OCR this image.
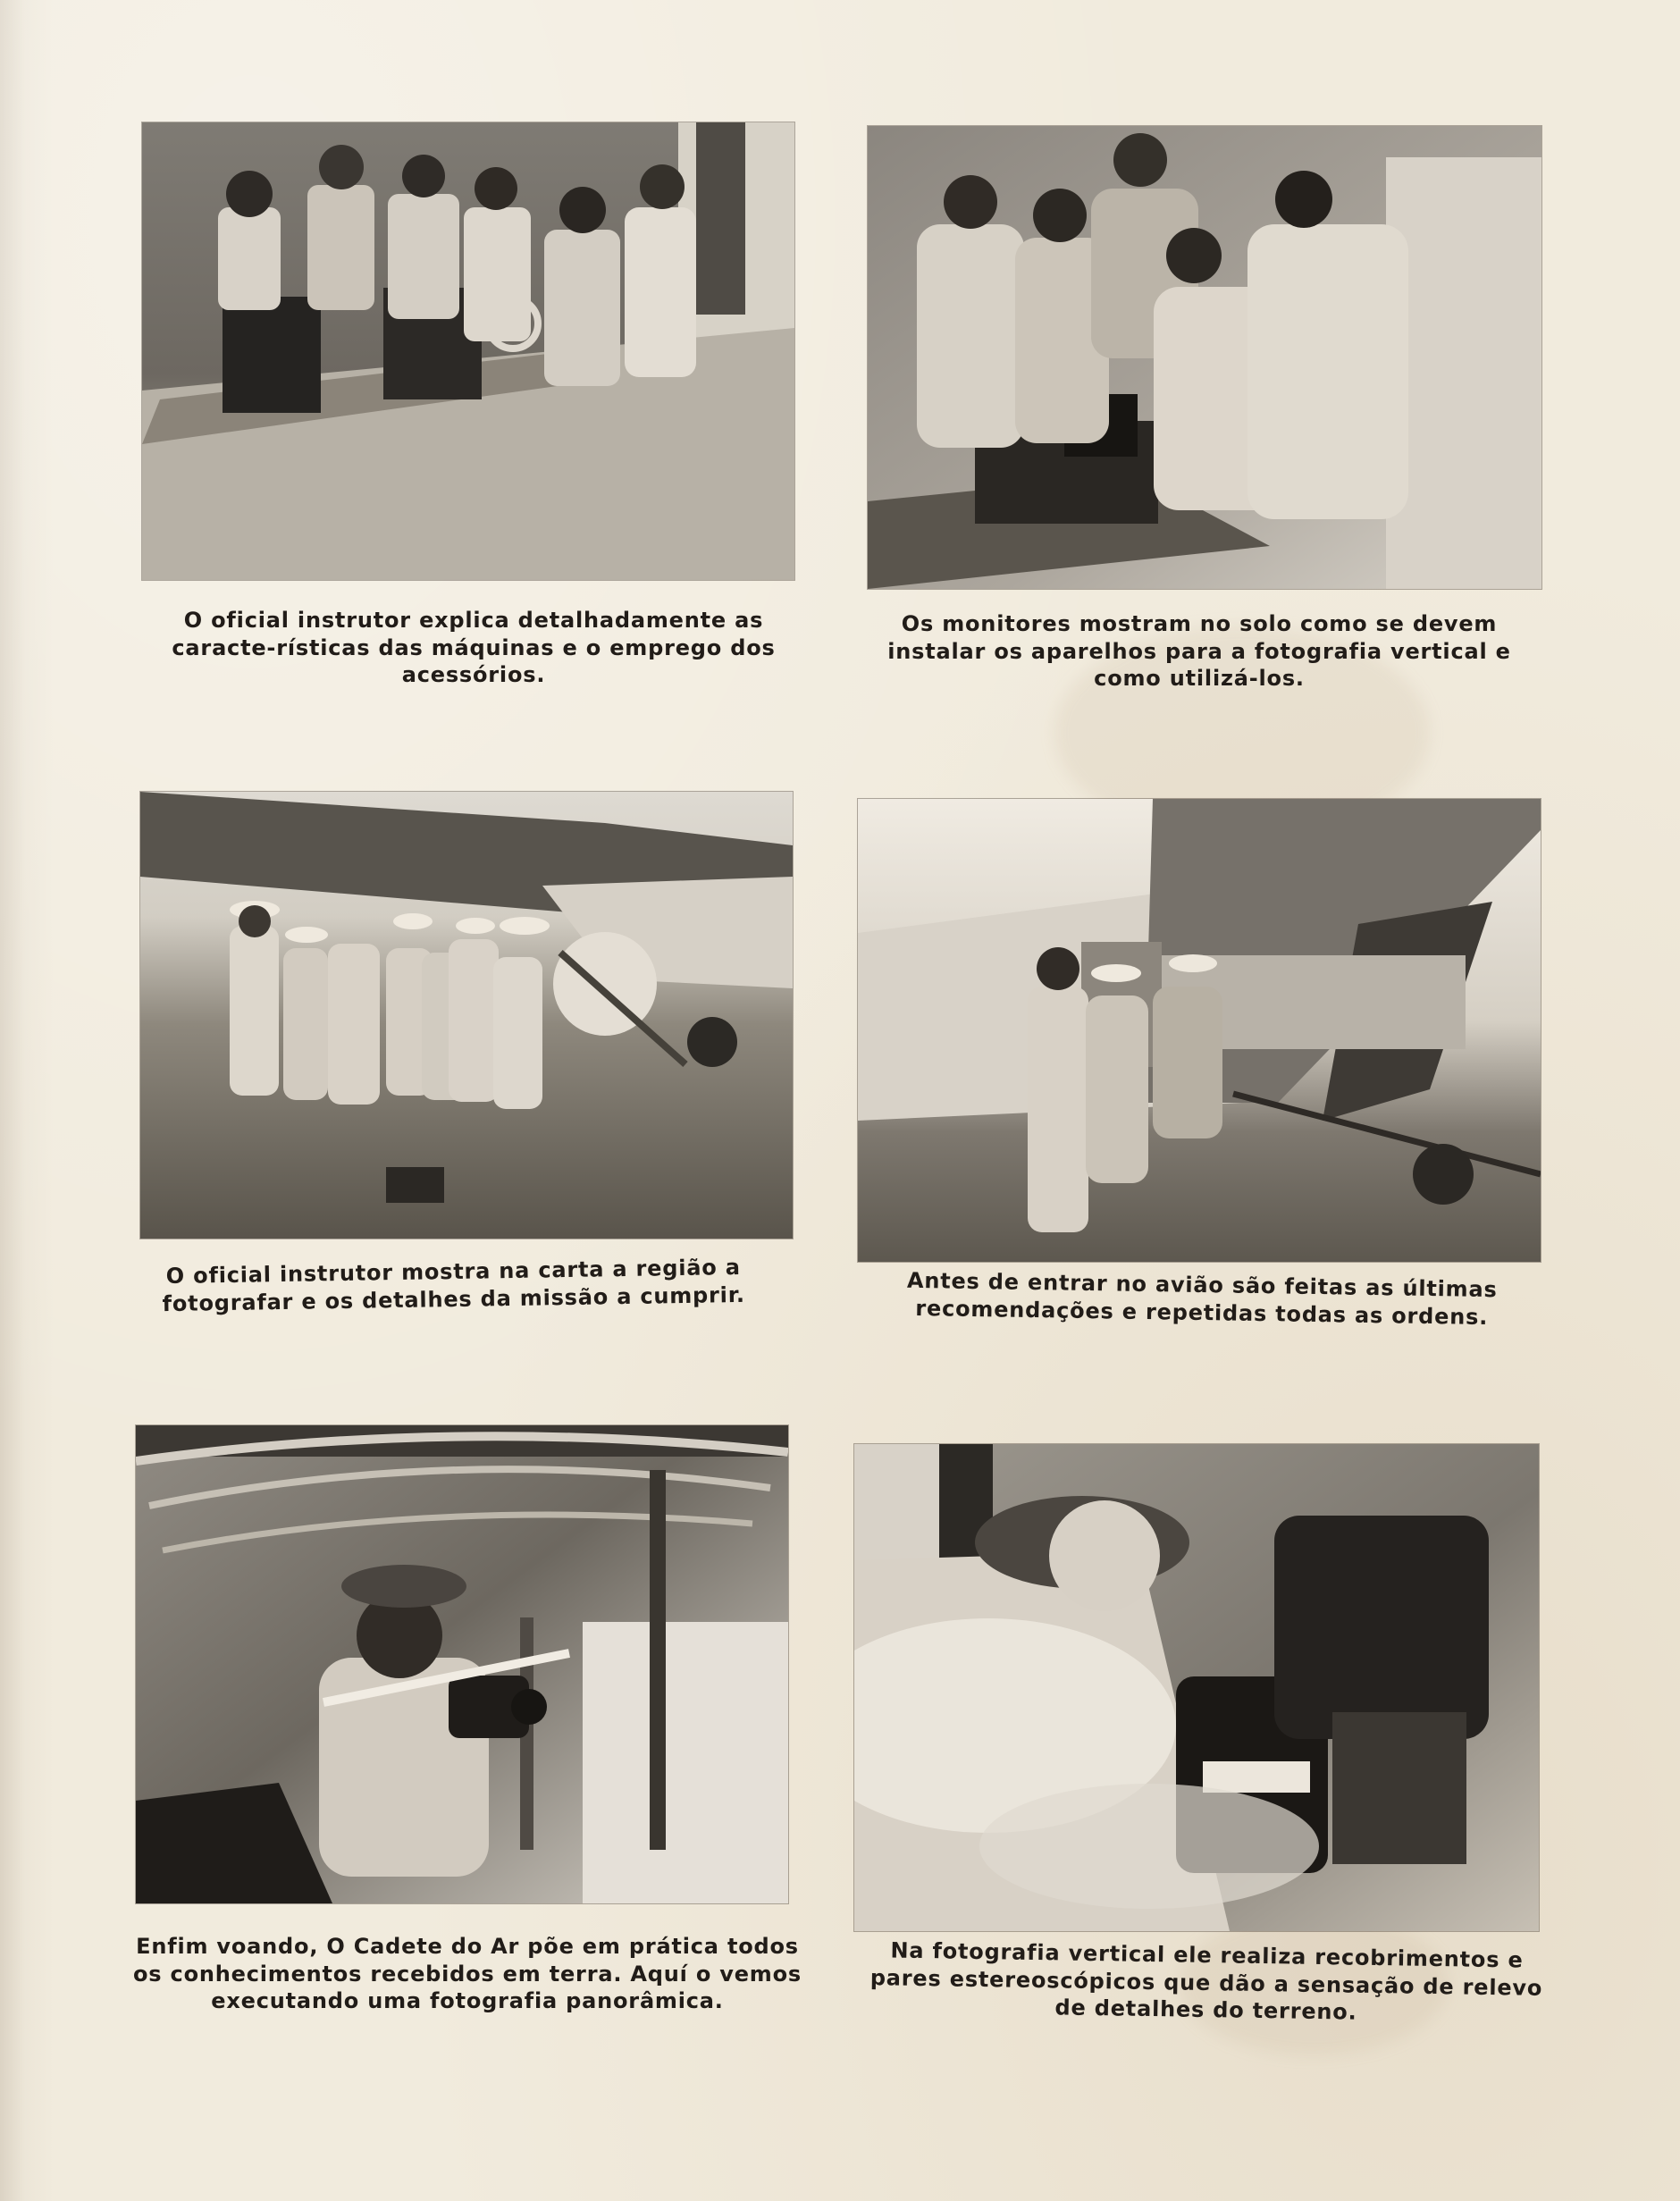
O oficial instrutor explica detalhadamente as caracte-rísticas das máquinas e o emprego dos acessórios.

Os monitores mostram no solo como se devem instalar os aparelhos para a fotografia vertical e como utilizá-los.

O oficial instrutor mostra na carta a região a fotografar e os detalhes da missão a cumprir.	Antes de entrar no avião são feitas as últimas recomendações e repetidas todas as ordens.

Enfim voando, O Cadete do Ar põe em prática todos os conhecimentos recebidos em terra. Aquí o vemos executando uma fotografia panorâmica.

Na fotografia vertical ele realiza recobrimentos e pares estereoscópicos que dão a sensação de relevo de detalhes do terreno.
